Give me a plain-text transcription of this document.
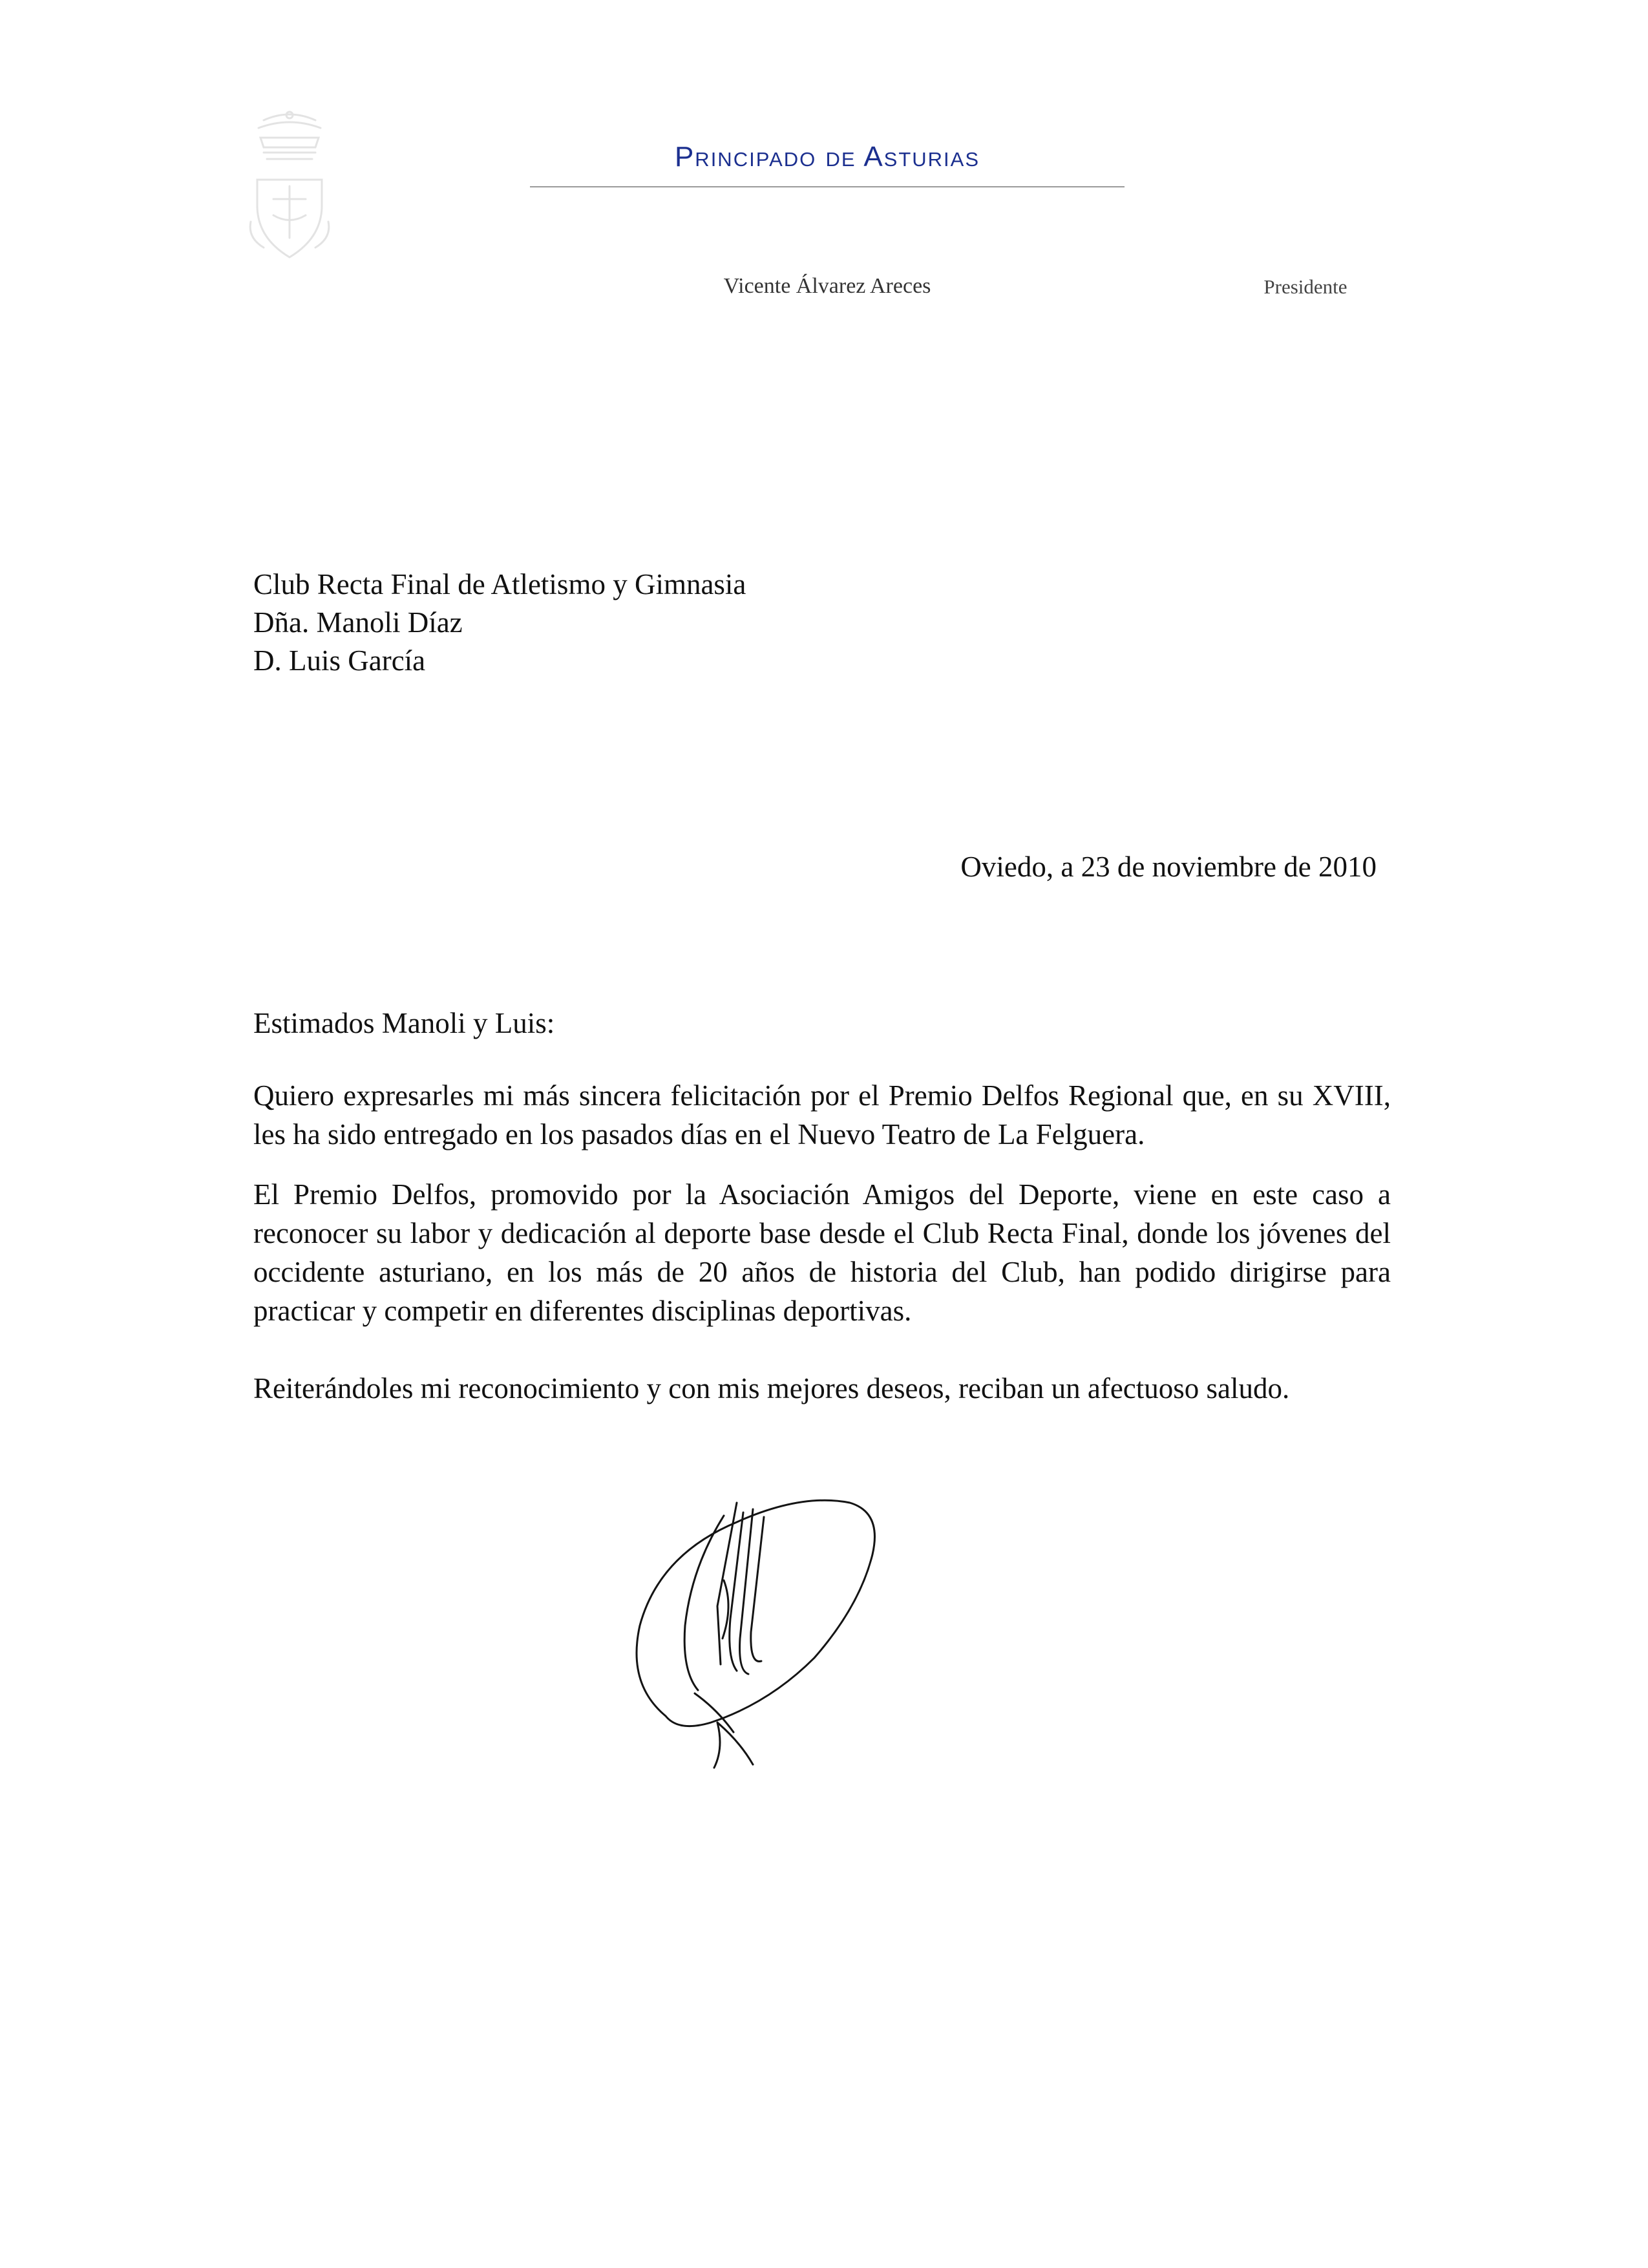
Principado de Asturias
Vicente Álvarez Areces	Presidente
Club Recta Final de Atletismo y Gimnasia
Dña. Manoli Díaz
D. Luis García
Oviedo, a 23 de noviembre de 2010
Estimados Manoli y Luis:
Quiero expresarles mi más sincera felicitación por el Premio Delfos Regional que, en su XVIII, les ha sido entregado en los pasados días en el Nuevo Teatro de La Felguera.
El Premio Delfos, promovido por la Asociación Amigos del Deporte, viene en este caso a reconocer su labor y dedicación al deporte base desde el Club Recta Final, donde los jóvenes del occidente asturiano, en los más de 20 años de historia del Club, han podido dirigirse para practicar y competir en diferentes disciplinas deportivas.
Reiterándoles mi reconocimiento y con mis mejores deseos, reciban un afectuoso saludo.
